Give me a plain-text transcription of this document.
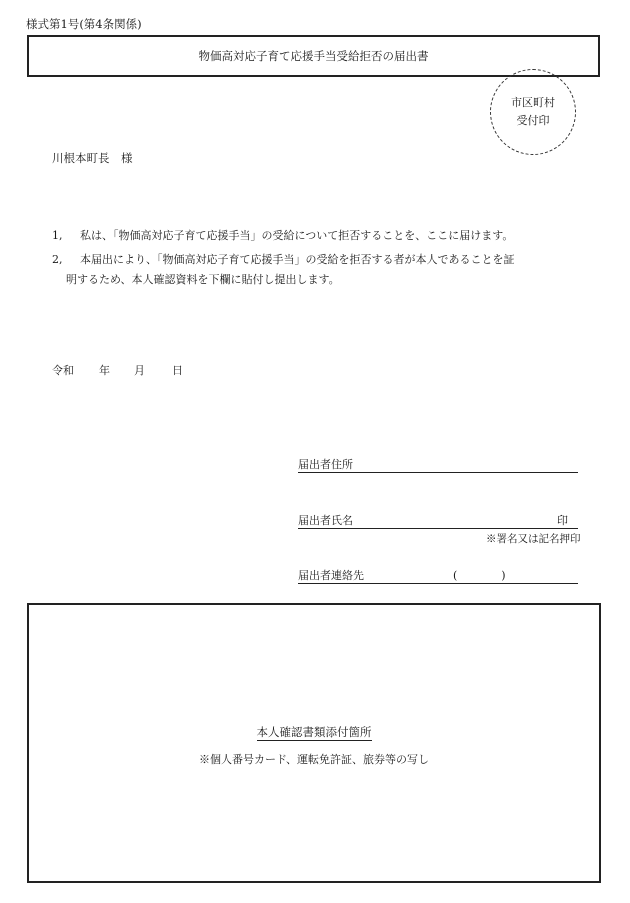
様式第1号(第4条関係)
物価高対応子育て応援手当受給拒否の届出書
市区町村
受付印
川根本町長　様
1, 私は、「物価高対応子育て応援手当」の受給について拒否することを、ここに届けます。
2, 本届出により、「物価高対応子育て応援手当」の受給を拒否する者が本人であることを証
明するため、本人確認資料を下欄に貼付し提出します。
令和 年 月 日
届出者住所
届出者氏名	印
※署名又は記名押印
届出者連絡先	(　　　　)
本人確認書類添付箇所
※個人番号カード、運転免許証、旅券等の写し
